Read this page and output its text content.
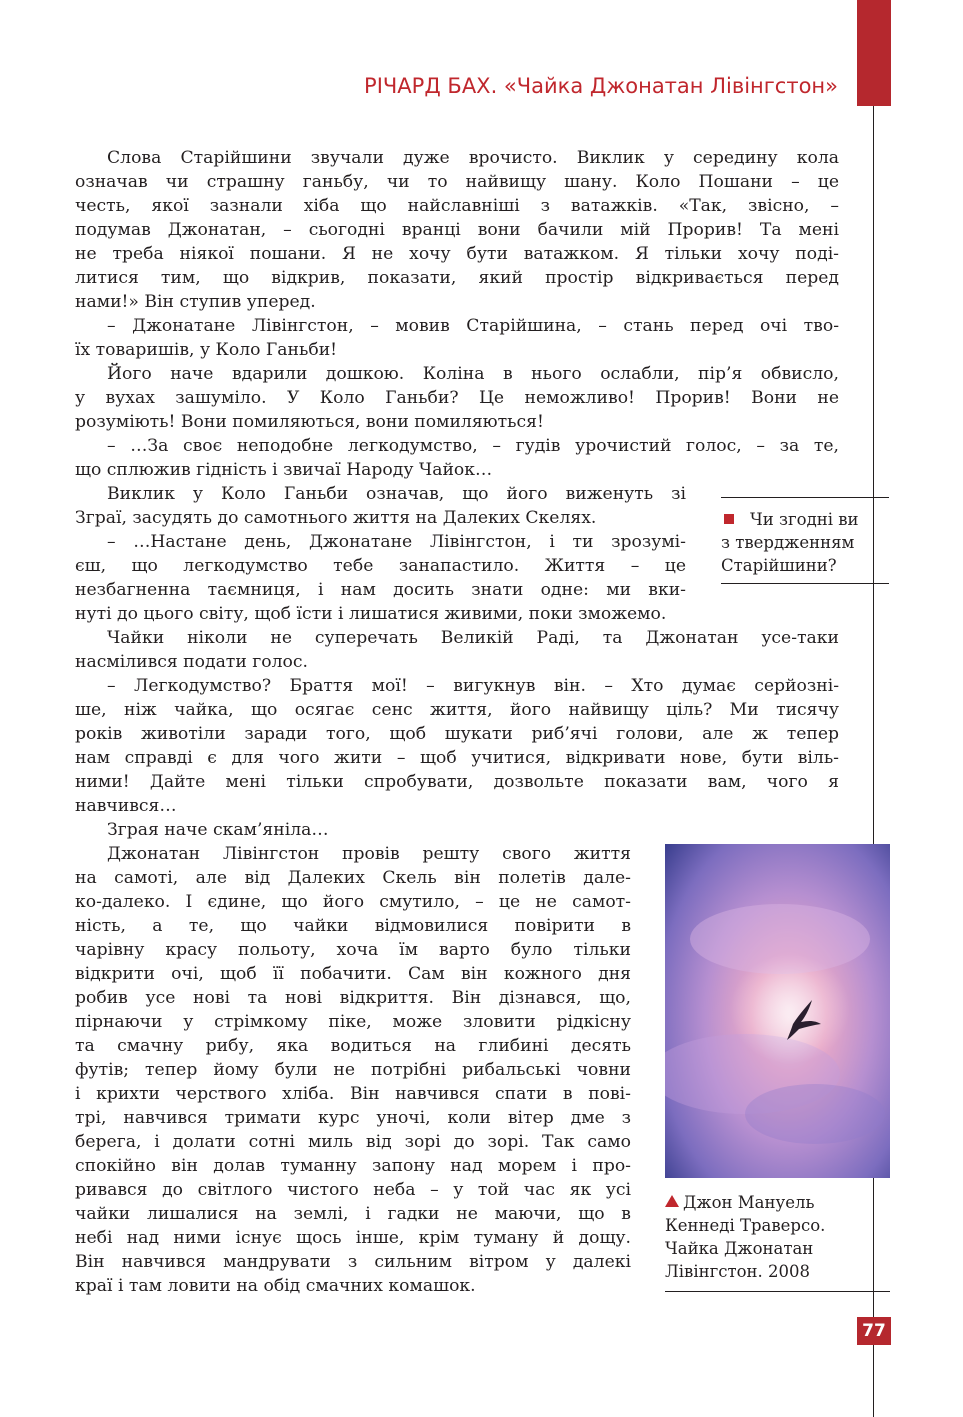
РІЧАРД БАХ. «Чайка Джонатан Лівінгстон»
Слова Старійшини звучали дуже врочисто. Виклик у середину кола
означав чи страшну ганьбу, чи то найвищу шану. Коло Пошани – це
честь, якої зазнали хіба що найславніші з ватажків. «Так, звісно, –
подумав Джонатан, – сьогодні вранці вони бачили мій Прорив! Та мені
не треба ніякої пошани. Я не хочу бути ватажком. Я тільки хочу поді-
литися тим, що відкрив, показати, який простір відкривається перед
нами!» Він ступив уперед.
– Джонатане Лівінгстон, – мовив Старійшина, – стань перед очі тво-
їх товаришів, у Коло Ганьби!
Його наче вдарили дошкою. Коліна в нього ослабли, пір’я обвисло,
у вухах зашуміло. У Коло Ганьби? Це неможливо! Прорив! Вони не
розуміють! Вони помиляються, вони помиляються!
– …За своє неподобне легкодумство, – гудів урочистий голос, – за те,
що сплюжив гідність і звичаї Народу Чайок…
Виклик у Коло Ганьби означав, що його виженуть зі
Зграї, засудять до самотнього життя на Далеких Скелях.
– …Настане день, Джонатане Лівінгстон, і ти зрозумі-
єш, що легкодумство тебе занапастило. Життя – це
незбагненна таємниця, і нам досить знати одне: ми вки-
Чи згодні ви
з твердженням
Старійшини?
нуті до цього світу, щоб їсти і лишатися живими, поки зможемо.
Чайки ніколи не суперечать Великій Раді, та Джонатан усе-таки
насмілився подати голос.
– Легкодумство? Браття мої! – вигукнув він. – Хто думає серйозні-
ше, ніж чайка, що осягає сенс життя, його найвищу ціль? Ми тисячу
років животіли заради того, щоб шукати риб’ячі голови, але ж тепер
нам справді є для чого жити – щоб учитися, відкривати нове, бути віль-
ними! Дайте мені тільки спробувати, дозвольте показати вам, чого я
навчився…
Зграя наче скам’яніла…
Джонатан Лівінгстон провів решту свого життя
на самоті, але від Далеких Скель він полетів дале-
ко-далеко. І єдине, що його смутило, – це не самот-
ність, а те, що чайки відмовилися повірити в
чарівну красу польоту, хоча їм варто було тільки
відкрити очі, щоб її побачити. Сам він кожного дня
робив усе нові та нові відкриття. Він дізнався, що,
пірнаючи у стрімкому піке, може зловити рідкісну
та смачну рибу, яка водиться на глибині десять
футів; тепер йому були не потрібні рибальські човни
і крихти черствого хліба. Він навчився спати в пові-
трі, навчився тримати курс уночі, коли вітер дме з
берега, і долати сотні миль від зорі до зорі. Так само
спокійно він долав туманну запону над морем і про-
ривався до світлого чистого неба – у той час як усі
чайки лишалися на землі, і гадки не маючи, що в
небі над ними існує щось інше, крім туману й дощу.
Він навчився мандрувати з сильним вітром у далекі
краї і там ловити на обід смачних комашок.
Джон Мануель
Кеннеді Траверсо.
Чайка Джонатан
Лівінгстон. 2008
77
